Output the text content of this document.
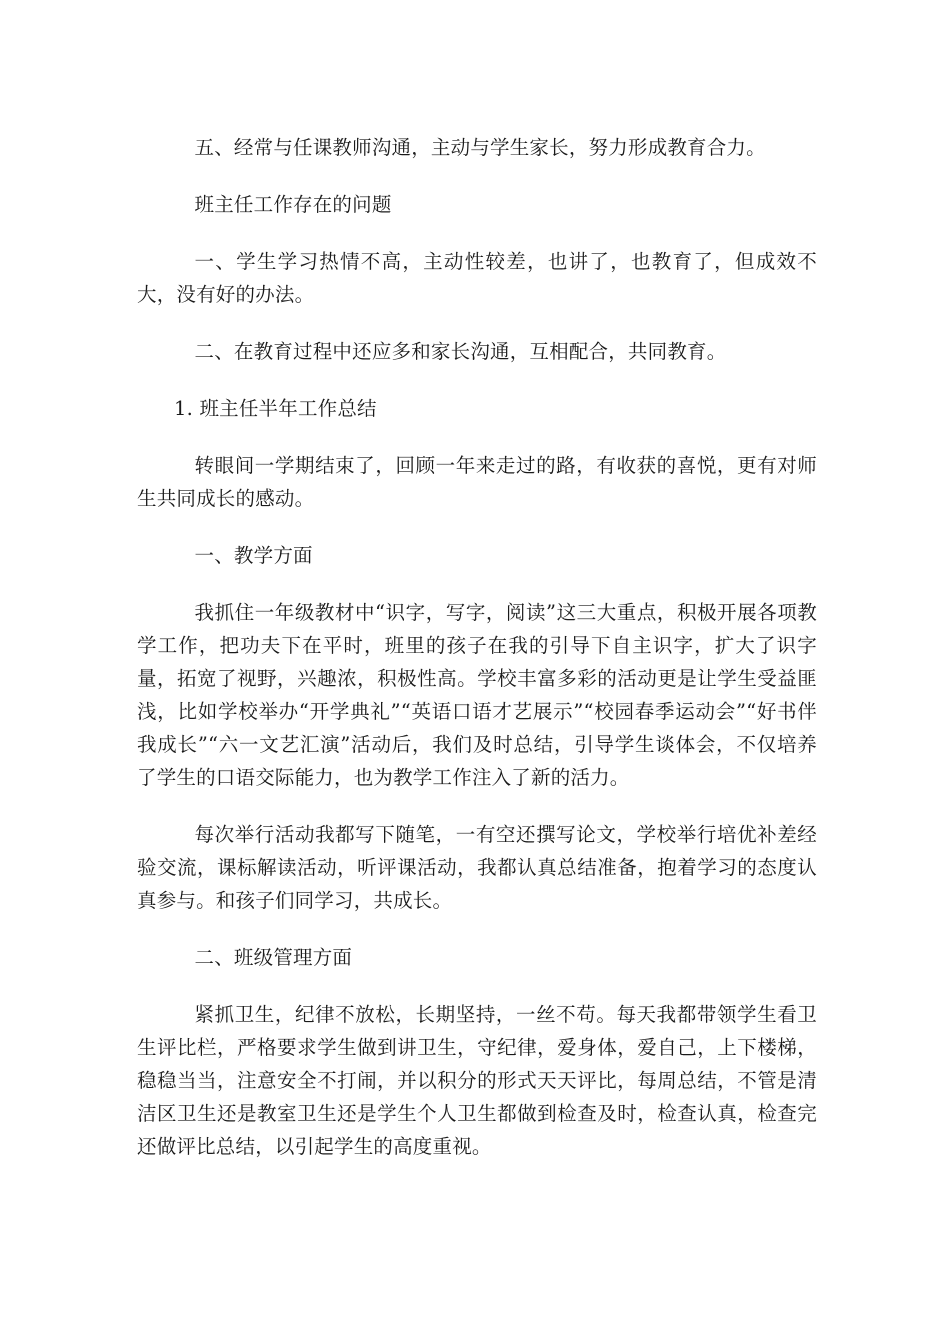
五、经常与任课教师沟通，主动与学生家长，努力形成教育合力。

班主任工作存在的问题

一、学生学习热情不高，主动性较差，也讲了，也教育了，但成效不大，没有好的办法。

二、在教育过程中还应多和家长沟通，互相配合，共同教育。

1. 班主任半年工作总结

转眼间一学期结束了，回顾一年来走过的路，有收获的喜悦，更有对师生共同成长的感动。

一、教学方面

我抓住一年级教材中“识字，写字，阅读”这三大重点，积极开展各项教学工作，把功夫下在平时，班里的孩子在我的引导下自主识字，扩大了识字量，拓宽了视野，兴趣浓，积极性高。学校丰富多彩的活动更是让学生受益匪浅，比如学校举办“开学典礼”“英语口语才艺展示”“校园春季运动会”“好书伴我成长”“六一文艺汇演”活动后，我们及时总结，引导学生谈体会，不仅培养了学生的口语交际能力，也为教学工作注入了新的活力。

每次举行活动我都写下随笔，一有空还撰写论文，学校举行培优补差经验交流，课标解读活动，听评课活动，我都认真总结准备，抱着学习的态度认真参与。和孩子们同学习，共成长。

二、班级管理方面

紧抓卫生，纪律不放松，长期坚持，一丝不苟。每天我都带领学生看卫生评比栏，严格要求学生做到讲卫生，守纪律，爱身体，爱自己，上下楼梯，稳稳当当，注意安全不打闹，并以积分的形式天天评比，每周总结，不管是清洁区卫生还是教室卫生还是学生个人卫生都做到检查及时，检查认真，检查完还做评比总结，以引起学生的高度重视。
